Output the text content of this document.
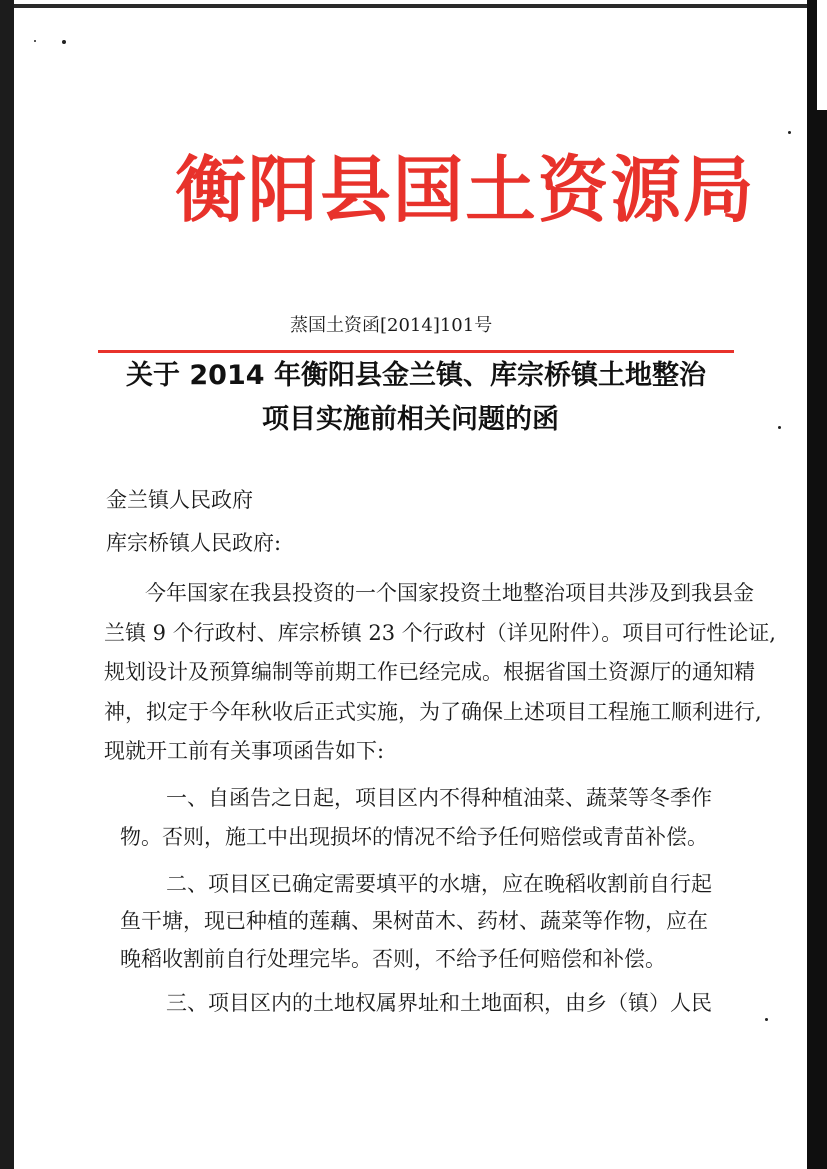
衡阳县国土资源局
蒸国土资函[2014]101号
关于 2014 年衡阳县金兰镇、库宗桥镇土地整治
项目实施前相关问题的函
金兰镇人民政府
库宗桥镇人民政府:
今年国家在我县投资的一个国家投资土地整治项目共涉及到我县金
兰镇 9 个行政村、库宗桥镇 23 个行政村（详见附件）。项目可行性论证,
规划设计及预算编制等前期工作已经完成。根据省国土资源厅的通知精
神，拟定于今年秋收后正式实施，为了确保上述项目工程施工顺利进行,
现就开工前有关事项函告如下:
一、自函告之日起，项目区内不得种植油菜、蔬菜等冬季作
物。否则，施工中出现损坏的情况不给予任何赔偿或青苗补偿。
二、项目区已确定需要填平的水塘，应在晚稻收割前自行起
鱼干塘，现已种植的莲藕、果树苗木、药材、蔬菜等作物，应在
晚稻收割前自行处理完毕。否则，不给予任何赔偿和补偿。
三、项目区内的土地权属界址和土地面积，由乡（镇）人民
